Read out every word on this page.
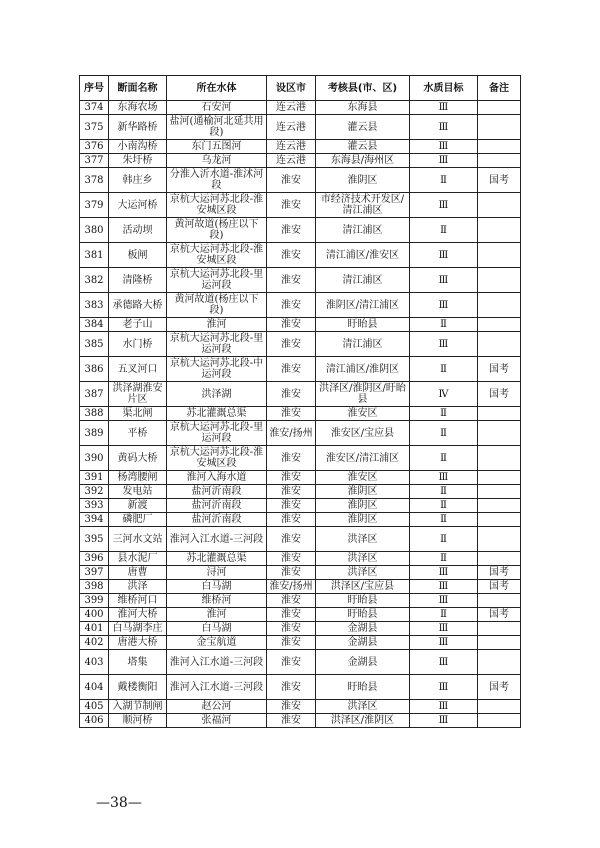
序号	断面名称	所在水体	设区市	考核县(市、区)	水质目标	备注
374	东海农场	石安河	连云港	东海县	Ⅲ	
375	新华路桥	盐河(通榆河北延共用段)	连云港	灌云县	Ⅲ	
376	小南沟桥	东门五图河	连云港	灌云县	Ⅲ	
377	朱圩桥	乌龙河	连云港	东海县/海州区	Ⅲ	
378	韩庄乡	分淮入沂水道-淮沭河段	淮安	淮阴区	Ⅱ	国考
379	大运河桥	京杭大运河苏北段-淮安城区段	淮安	市经济技术开发区/清江浦区	Ⅲ	
380	活动坝	黄河故道(杨庄以下段)	淮安	清江浦区	Ⅱ	
381	板闸	京杭大运河苏北段-淮安城区段	淮安	清江浦区/淮安区	Ⅲ	
382	清隆桥	京杭大运河苏北段-里运河段	淮安	清江浦区	Ⅲ	
383	承德路大桥	黄河故道(杨庄以下段)	淮安	淮阴区/清江浦区	Ⅲ	
384	老子山	淮河	淮安	盱眙县	Ⅱ	
385	水门桥	京杭大运河苏北段-里运河段	淮安	清江浦区	Ⅲ	
386	五叉河口	京杭大运河苏北段-中运河段	淮安	清江浦区/淮阴区	Ⅱ	国考
387	洪泽湖淮安片区	洪泽湖	淮安	洪泽区/淮阴区/盱眙县	Ⅳ	国考
388	渠北闸	苏北灌溉总渠	淮安	淮安区	Ⅱ	
389	平桥	京杭大运河苏北段-里运河段	淮安/扬州	淮安区/宝应县	Ⅱ	
390	黄码大桥	京杭大运河苏北段-淮安城区段	淮安	淮安区/清江浦区	Ⅱ	
391	杨湾腰闸	淮河入海水道	淮安	淮安区	Ⅲ	
392	发电站	盐河沂南段	淮安	淮阴区	Ⅱ	
393	新渡	盐河沂南段	淮安	淮阴区	Ⅱ	
394	磷肥厂	盐河沂南段	淮安	淮阴区	Ⅱ	
395	三河水文站	淮河入江水道-三河段	淮安	洪泽区	Ⅱ	
396	县水泥厂	苏北灌溉总渠	淮安	洪泽区	Ⅱ	
397	唐曹	浔河	淮安	洪泽区	Ⅲ	国考
398	洪泽	白马湖	淮安/扬州	洪泽区/宝应县	Ⅲ	国考
399	维桥河口	维桥河	淮安	盱眙县	Ⅲ	
400	淮河大桥	淮河	淮安	盱眙县	Ⅱ	国考
401	白马湖李庄	白马湖	淮安	金湖县	Ⅲ	
402	唐港大桥	金宝航道	淮安	金湖县	Ⅲ	
403	塔集	淮河入江水道-三河段	淮安	金湖县	Ⅲ	
404	戴楼衡阳	淮河入江水道-三河段	淮安	盱眙县	Ⅲ	国考
405	入湖节制闸	赵公河	淮安	洪泽区	Ⅲ	
406	顺河桥	张福河	淮安	洪泽区/淮阴区	Ⅲ	
—38—
